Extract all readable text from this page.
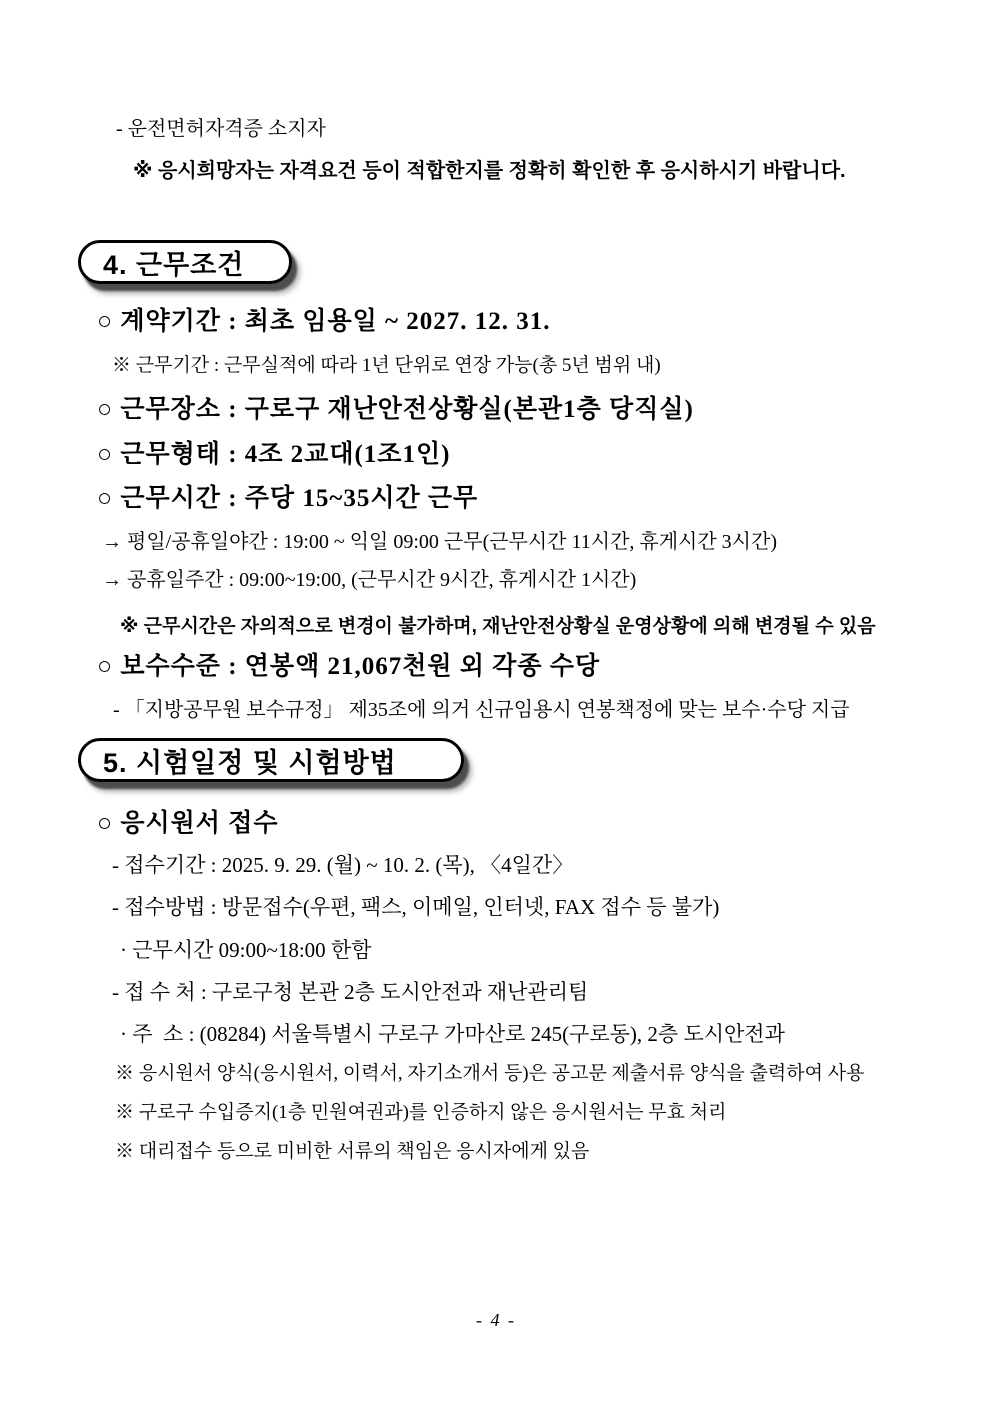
- 운전면허자격증 소지자
※ 응시희망자는 자격요건 등이 적합한지를 정확히 확인한 후 응시하시기 바랍니다.
4. 근무조건
○ 계약기간 : 최초 임용일 ~ 2027. 12. 31.
※ 근무기간 : 근무실적에 따라 1년 단위로 연장 가능(총 5년 범위 내)
○ 근무장소 : 구로구 재난안전상황실(본관1층 당직실)
○ 근무형태 : 4조 2교대(1조1인)
○ 근무시간 : 주당 15~35시간 근무
→ 평일/공휴일야간 : 19:00 ~ 익일 09:00 근무(근무시간 11시간, 휴게시간 3시간)
→ 공휴일주간 : 09:00~19:00, (근무시간 9시간, 휴게시간 1시간)
※ 근무시간은 자의적으로 변경이 불가하며, 재난안전상황실 운영상황에 의해 변경될 수 있음
○ 보수수준 : 연봉액 21,067천원 외 각종 수당
- 「지방공무원 보수규정」 제35조에 의거 신규임용시 연봉책정에 맞는 보수·수당 지급
5. 시험일정 및 시험방법
○ 응시원서 접수
- 접수기간 : 2025. 9. 29. (월) ~ 10. 2. (목), 〈4일간〉
- 접수방법 : 방문접수(우편, 팩스, 이메일, 인터넷, FAX 접수 등 불가)
· 근무시간 09:00~18:00 한함
- 접 수 처 : 구로구청 본관 2층 도시안전과 재난관리팀
· 주  소 : (08284) 서울특별시 구로구 가마산로 245(구로동), 2층 도시안전과
※ 응시원서 양식(응시원서, 이력서, 자기소개서 등)은 공고문 제출서류 양식을 출력하여 사용
※ 구로구 수입증지(1층 민원여권과)를 인증하지 않은 응시원서는 무효 처리
※ 대리접수 등으로 미비한 서류의 책임은 응시자에게 있음
- 4 -
